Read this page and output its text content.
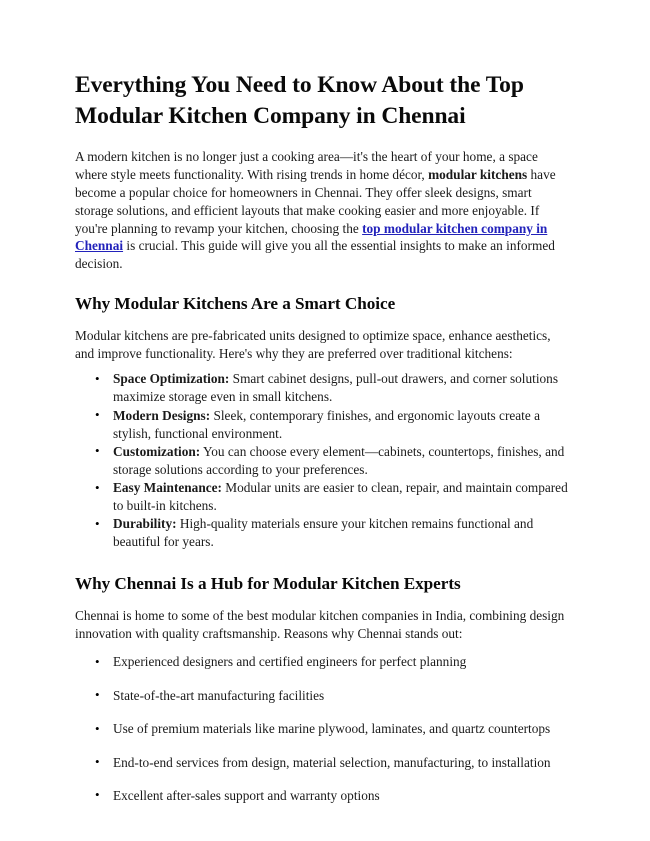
Everything You Need to Know About the Top
Modular Kitchen Company in Chennai

A modern kitchen is no longer just a cooking area—it's the heart of your home, a space where style meets functionality. With rising trends in home décor, modular kitchens have become a popular choice for homeowners in Chennai. They offer sleek designs, smart storage solutions, and efficient layouts that make cooking easier and more enjoyable. If you're planning to revamp your kitchen, choosing the top modular kitchen company in Chennai is crucial. This guide will give you all the essential insights to make an informed decision.

Why Modular Kitchens Are a Smart Choice

Modular kitchens are pre-fabricated units designed to optimize space, enhance aesthetics, and improve functionality. Here's why they are preferred over traditional kitchens:

• Space Optimization: Smart cabinet designs, pull-out drawers, and corner solutions maximize storage even in small kitchens.
• Modern Designs: Sleek, contemporary finishes, and ergonomic layouts create a stylish, functional environment.
• Customization: You can choose every element—cabinets, countertops, finishes, and storage solutions according to your preferences.
• Easy Maintenance: Modular units are easier to clean, repair, and maintain compared to built-in kitchens.
• Durability: High-quality materials ensure your kitchen remains functional and beautiful for years.
Why Chennai Is a Hub for Modular Kitchen Experts

Chennai is home to some of the best modular kitchen companies in India, combining design innovation with quality craftsmanship. Reasons why Chennai stands out:

• Experienced designers and certified engineers for perfect planning
• State-of-the-art manufacturing facilities
• Use of premium materials like marine plywood, laminates, and quartz countertops
• End-to-end services from design, material selection, manufacturing, to installation
• Excellent after-sales support and warranty options
